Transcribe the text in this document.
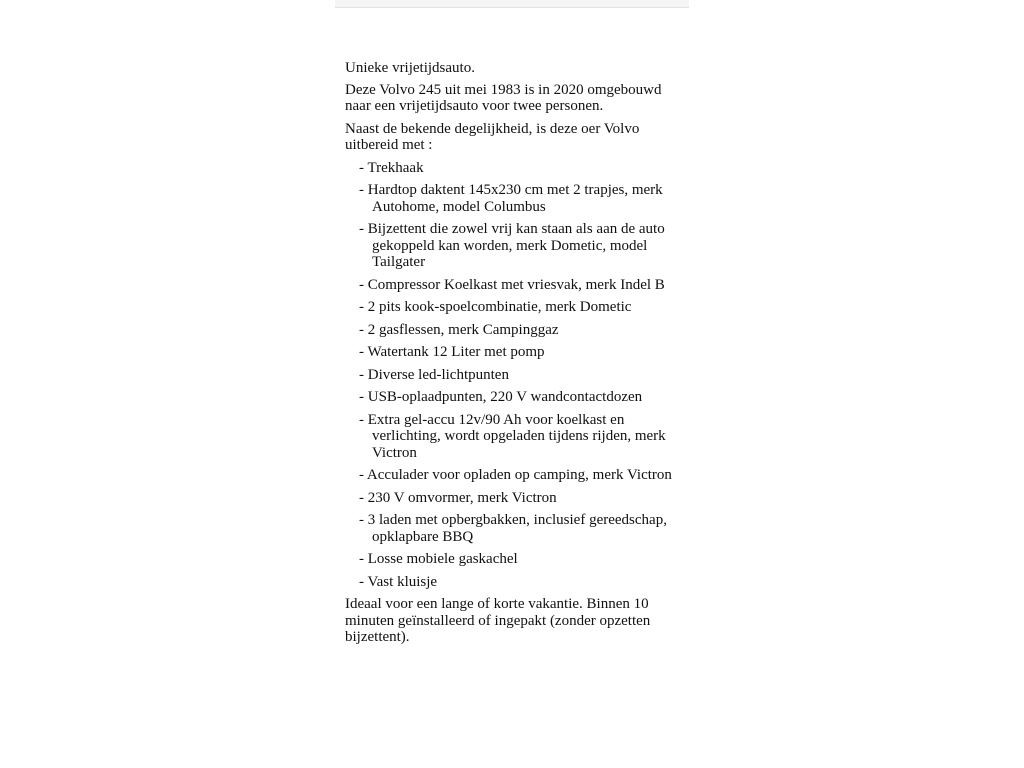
Unieke vrijetijdsauto.

Deze Volvo 245 uit mei 1983 is in 2020 omgebouwd naar een vrijetijdsauto voor twee personen.

Naast de bekende degelijkheid, is deze oer Volvo uitbereid met :

- Trekhaak
- Hardtop daktent 145x230 cm met 2 trapjes, merk Autohome, model Columbus
- Bijzettent die zowel vrij kan staan als aan de auto gekoppeld kan worden, merk Dometic, model Tailgater
- Compressor Koelkast met vriesvak, merk Indel B
- 2 pits kook-spoelcombinatie, merk Dometic
- 2 gasflessen, merk Campinggaz
- Watertank 12 Liter met pomp
- Diverse led-lichtpunten
- USB-oplaadpunten, 220 V wandcontactdozen
- Extra gel-accu 12v/90 Ah voor koelkast en verlichting, wordt opgeladen tijdens rijden, merk Victron
- Acculader voor opladen op camping, merk Victron
- 230 V omvormer, merk Victron
- 3 laden met opbergbakken, inclusief gereedschap, opklapbare BBQ
- Losse mobiele gaskachel
- Vast kluisje

Ideaal voor een lange of korte vakantie. Binnen 10 minuten geïnstalleerd of ingepakt (zonder opzetten bijzettent).
